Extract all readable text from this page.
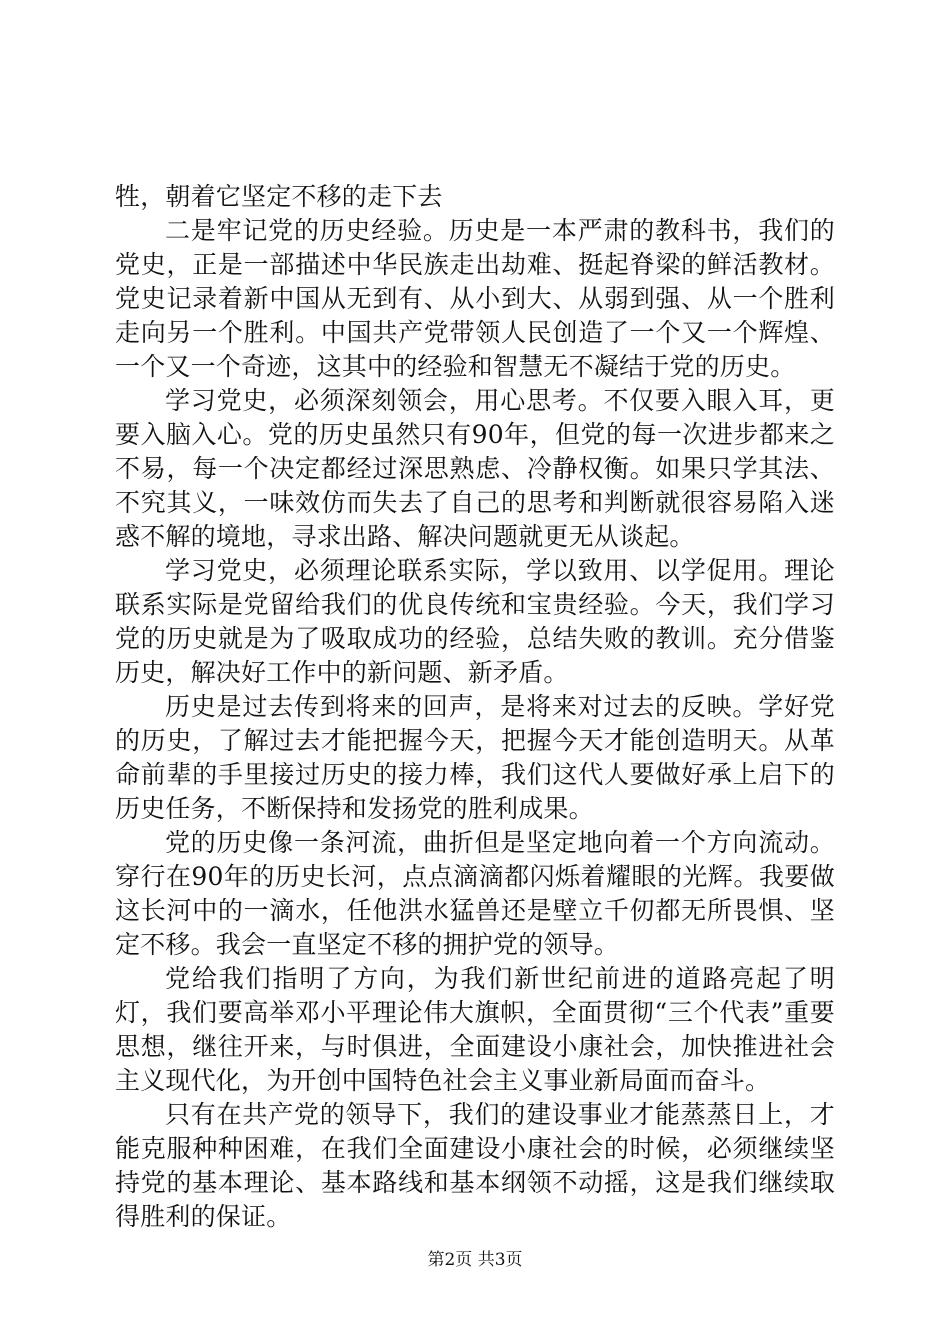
牲，朝着它坚定不移的走下去

二是牢记党的历史经验。历史是一本严肃的教科书，我们的党史，正是一部描述中华民族走出劫难、挺起脊梁的鲜活教材。党史记录着新中国从无到有、从小到大、从弱到强、从一个胜利走向另一个胜利。中国共产党带领人民创造了一个又一个辉煌、一个又一个奇迹，这其中的经验和智慧无不凝结于党的历史。

学习党史，必须深刻领会，用心思考。不仅要入眼入耳，更要入脑入心。党的历史虽然只有90年，但党的每一次进步都来之不易，每一个决定都经过深思熟虑、冷静权衡。如果只学其法、不究其义，一味效仿而失去了自己的思考和判断就很容易陷入迷惑不解的境地，寻求出路、解决问题就更无从谈起。

学习党史，必须理论联系实际，学以致用、以学促用。理论联系实际是党留给我们的优良传统和宝贵经验。今天，我们学习党的历史就是为了吸取成功的经验，总结失败的教训。充分借鉴历史，解决好工作中的新问题、新矛盾。

历史是过去传到将来的回声，是将来对过去的反映。学好党的历史，了解过去才能把握今天，把握今天才能创造明天。从革命前辈的手里接过历史的接力棒，我们这代人要做好承上启下的历史任务，不断保持和发扬党的胜利成果。

党的历史像一条河流，曲折但是坚定地向着一个方向流动。穿行在90年的历史长河，点点滴滴都闪烁着耀眼的光辉。我要做这长河中的一滴水，任他洪水猛兽还是壁立千仞都无所畏惧、坚定不移。我会一直坚定不移的拥护党的领导。

党给我们指明了方向，为我们新世纪前进的道路亮起了明灯，我们要高举邓小平理论伟大旗帜，全面贯彻“三个代表”重要思想，继往开来，与时俱进，全面建设小康社会，加快推进社会主义现代化，为开创中国特色社会主义事业新局面而奋斗。

只有在共产党的领导下，我们的建设事业才能蒸蒸日上，才能克服种种困难，在我们全面建设小康社会的时候，必须继续坚持党的基本理论、基本路线和基本纲领不动摇，这是我们继续取得胜利的保证。

第2页 共3页
